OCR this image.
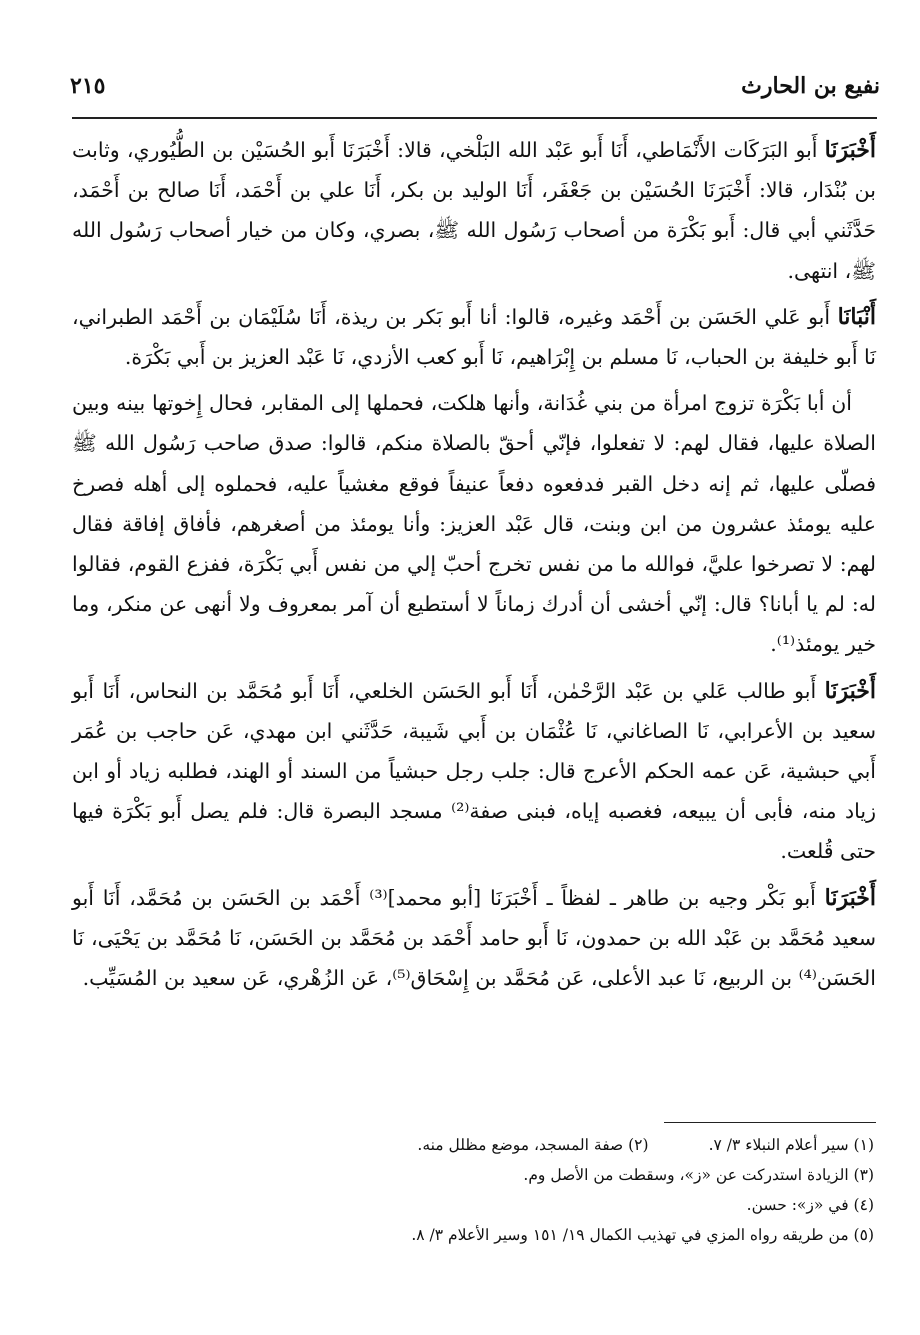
نفيع بن الحارث
٢١٥

أَخْبَرَنَا أَبو البَرَكَات الأَنْمَاطي، أَنَا أَبو عَبْد الله البَلْخي، قالا: أَخْبَرَنَا أَبو الحُسَيْن بن الطُّيُوري، وثابت بن بُنْدَار، قالا: أَخْبَرَنَا الحُسَيْن بن جَعْفَر، أَنَا الوليد بن بكر، أَنَا علي بن أَحْمَد، أَنَا صالح بن أَحْمَد، حَدَّثَني أبي قال: أَبو بَكْرَة من أصحاب رَسُول الله ﷺ، بصري، وكان من خيار أصحاب رَسُول الله ﷺ، انتهى.

أَنْبَانَا أَبو عَلي الحَسَن بن أَحْمَد وغيره، قالوا: أنا أَبو بَكر بن ريذة، أَنَا سُلَيْمَان بن أَحْمَد الطبراني، نَا أَبو خليفة بن الحباب، نَا مسلم بن إِبْرَاهيم، نَا أَبو كعب الأزدي، نَا عَبْد العزيز بن أَبي بَكْرَة.

أن أبا بَكْرَة تزوج امرأة من بني غُدَانة، وأنها هلكت، فحملها إلى المقابر، فحال إِخوتها بينه وبين الصلاة عليها، فقال لهم: لا تفعلوا، فإنّي أحقّ بالصلاة منكم، قالوا: صدق صاحب رَسُول الله ﷺ فصلّى عليها، ثم إنه دخل القبر فدفعوه دفعاً عنيفاً فوقع مغشياً عليه، فحملوه إلى أهله فصرخ عليه يومئذ عشرون من ابن وبنت، قال عَبْد العزيز: وأنا يومئذ من أصغرهم، فأفاق إفاقة فقال لهم: لا تصرخوا عليَّ، فوالله ما من نفس تخرج أحبّ إلي من نفس أَبي بَكْرَة، ففزع القوم، فقالوا له: لم يا أبانا؟ قال: إنّي أخشى أن أدرك زماناً لا أستطيع أن آمر بمعروف ولا أنهى عن منكر، وما خير يومئذ⁽¹⁾.

أَخْبَرَنَا أَبو طالب عَلي بن عَبْد الرَّحْمٰن، أَنَا أَبو الحَسَن الخلعي، أَنَا أَبو مُحَمَّد بن النحاس، أَنَا أَبو سعيد بن الأعرابي، نَا الصاغاني، نَا عُثْمَان بن أَبي شَيبة، حَدَّثَني ابن مهدي، عَن حاجب بن عُمَر أَبي حبشية، عَن عمه الحكم الأعرج قال: جلب رجل حبشياً من السند أو الهند، فطلبه زياد أو ابن زياد منه، فأبى أن يبيعه، فغصبه إياه، فبنى صفة⁽²⁾ مسجد البصرة قال: فلم يصل أَبو بَكْرَة فيها حتى قُلعت.

أَخْبَرَنَا أَبو بَكْر وجيه بن طاهر ـ لفظاً ـ أَخْبَرَنَا [أبو محمد]⁽³⁾ أَحْمَد بن الحَسَن بن مُحَمَّد، أَنَا أَبو سعيد مُحَمَّد بن عَبْد الله بن حمدون، نَا أَبو حامد أَحْمَد بن مُحَمَّد بن الحَسَن، نَا مُحَمَّد بن يَحْيَى، نَا الحَسَن⁽⁴⁾ بن الربيع، نَا عبد الأعلى، عَن مُحَمَّد بن إِسْحَاق⁽⁵⁾، عَن الزُهْري، عَن سعيد بن المُسَيِّب.

(١) سير أعلام النبلاء ٣/ ٧.
(٢) صفة المسجد، موضع مظلل منه.
(٣) الزيادة استدركت عن «ز»، وسقطت من الأصل وم.
(٤) في «ز»: حسن.
(٥) من طريقه رواه المزي في تهذيب الكمال ١٩/ ١٥١ وسير الأعلام ٣/ ٨.
